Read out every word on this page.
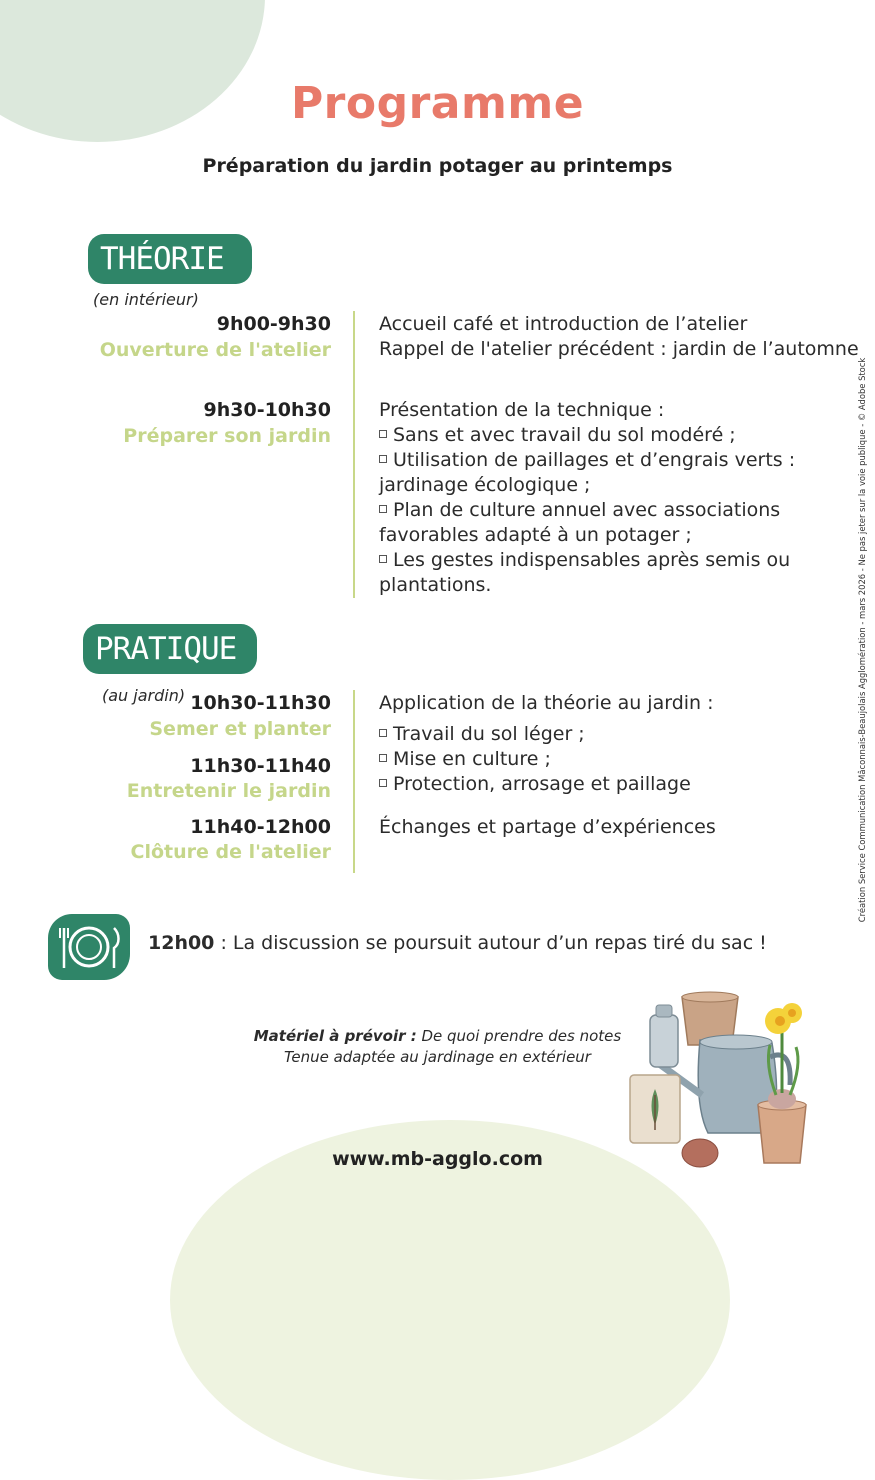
Programme
Préparation du jardin potager au printemps
THÉORIE
(en intérieur)
9h00-9h30
Ouverture de l'atelier
9h30-10h30
Préparer son jardin
Accueil café et introduction de l’atelier
Rappel de l'atelier précédent : jardin de l’automne
Présentation de la technique :
Sans et avec travail du sol modéré ;
Utilisation de paillages et d’engrais verts :
jardinage écologique ;
Plan de culture annuel avec associations
favorables adapté à un potager ;
Les gestes indispensables après semis ou
plantations.
PRATIQUE
(au jardin) 10h30-11h30
Semer et planter
11h30-11h40
Entretenir le jardin
11h40-12h00
Clôture de l'atelier
Application de la théorie au jardin :
Travail du sol léger ;
Mise en culture ;
Protection, arrosage et paillage
Échanges et partage d’expériences
12h00 : La discussion se poursuit autour d’un repas tiré du sac !
Matériel à prévoir : De quoi prendre des notes
Tenue adaptée au jardinage en extérieur
www.mb-agglo.com
Création Service Communication Mâconnais-Beaujolais Agglomération - mars 2026 - Ne pas jeter sur la voie publique - © Adobe Stock
